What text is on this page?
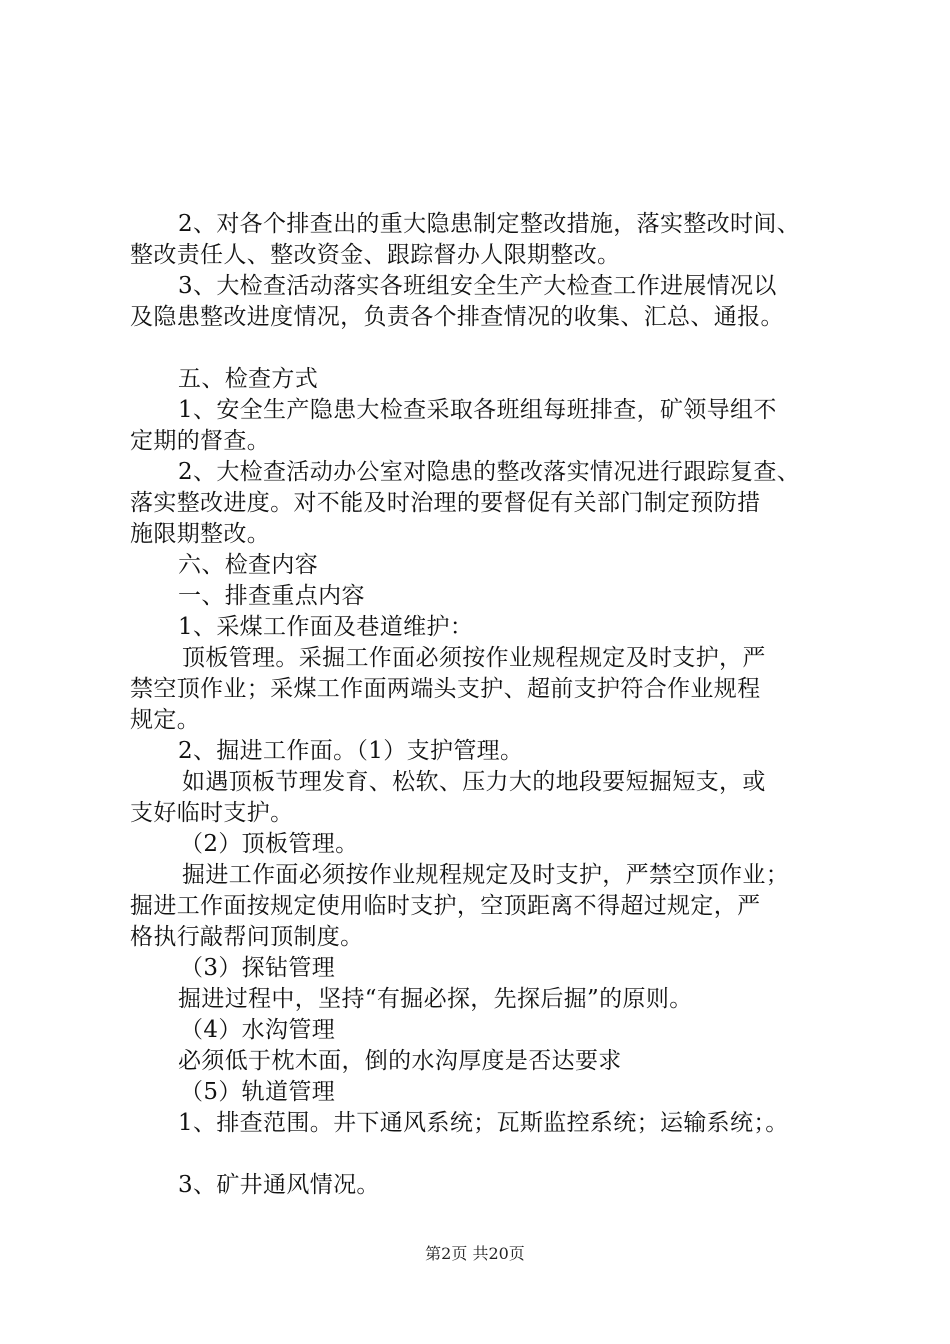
2、对各个排查出的重大隐患制定整改措施，落实整改时间、
整改责任人、整改资金、跟踪督办人限期整改。
3、大检查活动落实各班组安全生产大检查工作进展情况以
及隐患整改进度情况，负责各个排查情况的收集、汇总、通报。
五、检查方式
1、安全生产隐患大检查采取各班组每班排查，矿领导组不
定期的督查。
2、大检查活动办公室对隐患的整改落实情况进行跟踪复查、
落实整改进度。对不能及时治理的要督促有关部门制定预防措
施限期整改。
六、检查内容
一、排查重点内容
1、采煤工作面及巷道维护：
顶板管理。采掘工作面必须按作业规程规定及时支护，严
禁空顶作业；采煤工作面两端头支护、超前支护符合作业规程
规定。
2、掘进工作面。（1）支护管理。
如遇顶板节理发育、松软、压力大的地段要短掘短支，或
支好临时支护。
（2）顶板管理。
掘进工作面必须按作业规程规定及时支护，严禁空顶作业；
掘进工作面按规定使用临时支护，空顶距离不得超过规定，严
格执行敲帮问顶制度。
（3）探钻管理
掘进过程中，坚持“有掘必探，先探后掘”的原则。
（4）水沟管理
必须低于枕木面，倒的水沟厚度是否达要求
（5）轨道管理
1、排查范围。井下通风系统；瓦斯监控系统；运输系统；。
3、矿井通风情况。
第2页 共20页
